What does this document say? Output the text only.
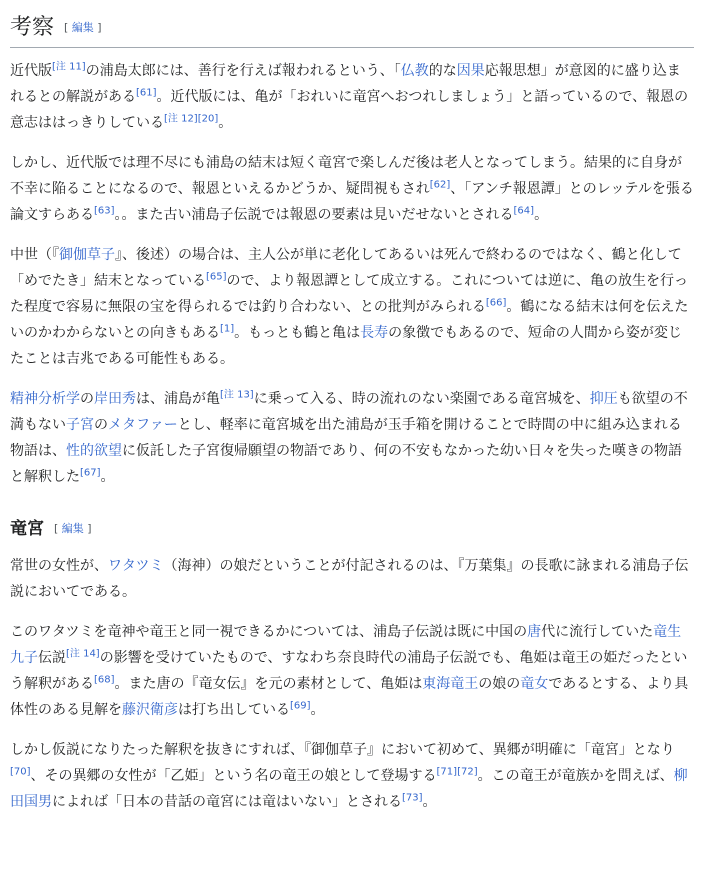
考察 [ 編集 ]

近代版[注 11]の浦島太郎には、善行を行えば報われるという、「仏教的な因果応報思想」が意図的に盛り込まれるとの解説がある[61]。近代版には、亀が「おれいに竜宮へおつれしましょう」と語っているので、報恩の意志ははっきりしている[注 12][20]。

しかし、近代版では理不尽にも浦島の結末は短く竜宮で楽しんだ後は老人となってしまう。結果的に自身が不幸に陥ることになるので、報恩といえるかどうか、疑問視もされ[62]、「アンチ報恩譚」とのレッテルを張る論文すらある[63]。。また古い浦島子伝説では報恩の要素は見いだせないとされる[64]。

中世（『御伽草子』、後述）の場合は、主人公が単に老化してあるいは死んで終わるのではなく、鶴と化して「めでたき」結末となっている[65]ので、より報恩譚として成立する。これについては逆に、亀の放生を行った程度で容易に無限の宝を得られるでは釣り合わない、との批判がみられる[66]。鶴になる結末は何を伝えたいのかわからないとの向きもある[1]。もっとも鶴と亀は長寿の象徴でもあるので、短命の人間から姿が変じたことは吉兆である可能性もある。

精神分析学の岸田秀は、浦島が亀[注 13]に乗って入る、時の流れのない楽園である竜宮城を、抑圧も欲望の不満もない子宮のメタファーとし、軽率に竜宮城を出た浦島が玉手箱を開けることで時間の中に組み込まれる物語は、性的欲望に仮託した子宮復帰願望の物語であり、何の不安もなかった幼い日々を失った嘆きの物語と解釈した[67]。

竜宮 [ 編集 ]

常世の女性が、ワタツミ（海神）の娘だということが付記されるのは、『万葉集』の長歌に詠まれる浦島子伝説においてである。

このワタツミを竜神や竜王と同一視できるかについては、浦島子伝説は既に中国の唐代に流行していた竜生九子伝説[注 14]の影響を受けていたもので、すなわち奈良時代の浦島子伝説でも、亀姫は竜王の姫だったという解釈がある[68]。また唐の『竜女伝』を元の素材として、亀姫は東海竜王の娘の竜女であるとする、より具体性のある見解を藤沢衛彦は打ち出している[69]。

しかし仮説になりたった解釈を抜きにすれば、『御伽草子』において初めて、異郷が明確に「竜宮」となり[70]、その異郷の女性が「乙姫」という名の竜王の娘として登場する[71][72]。この竜王が竜族かを問えば、柳田国男によれば「日本の昔話の竜宮には竜はいない」とされる[73]。
